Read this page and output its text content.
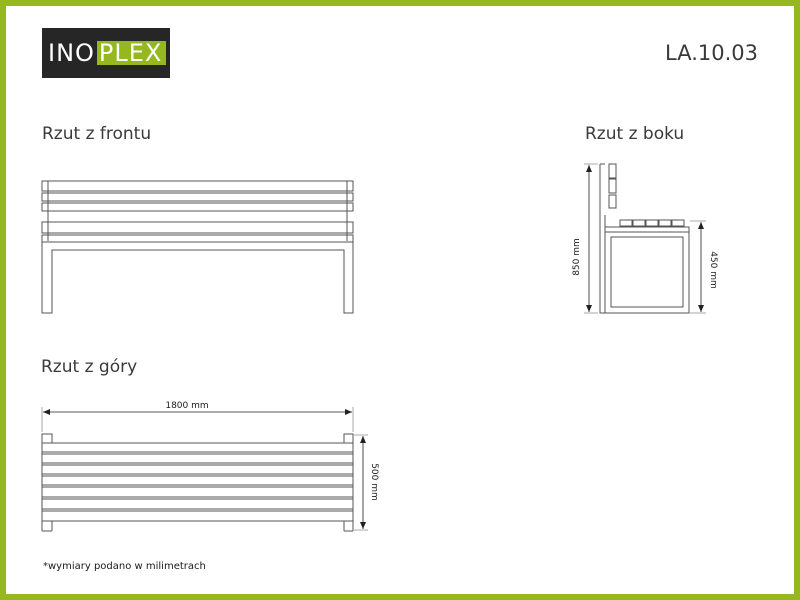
INO PLEX	LA.10.03
Rzut z frontu	Rzut z boku
Rzut z góry
*wymiary podano w milimetrach
850 mm	450 mm
1800 mm
500 mm
